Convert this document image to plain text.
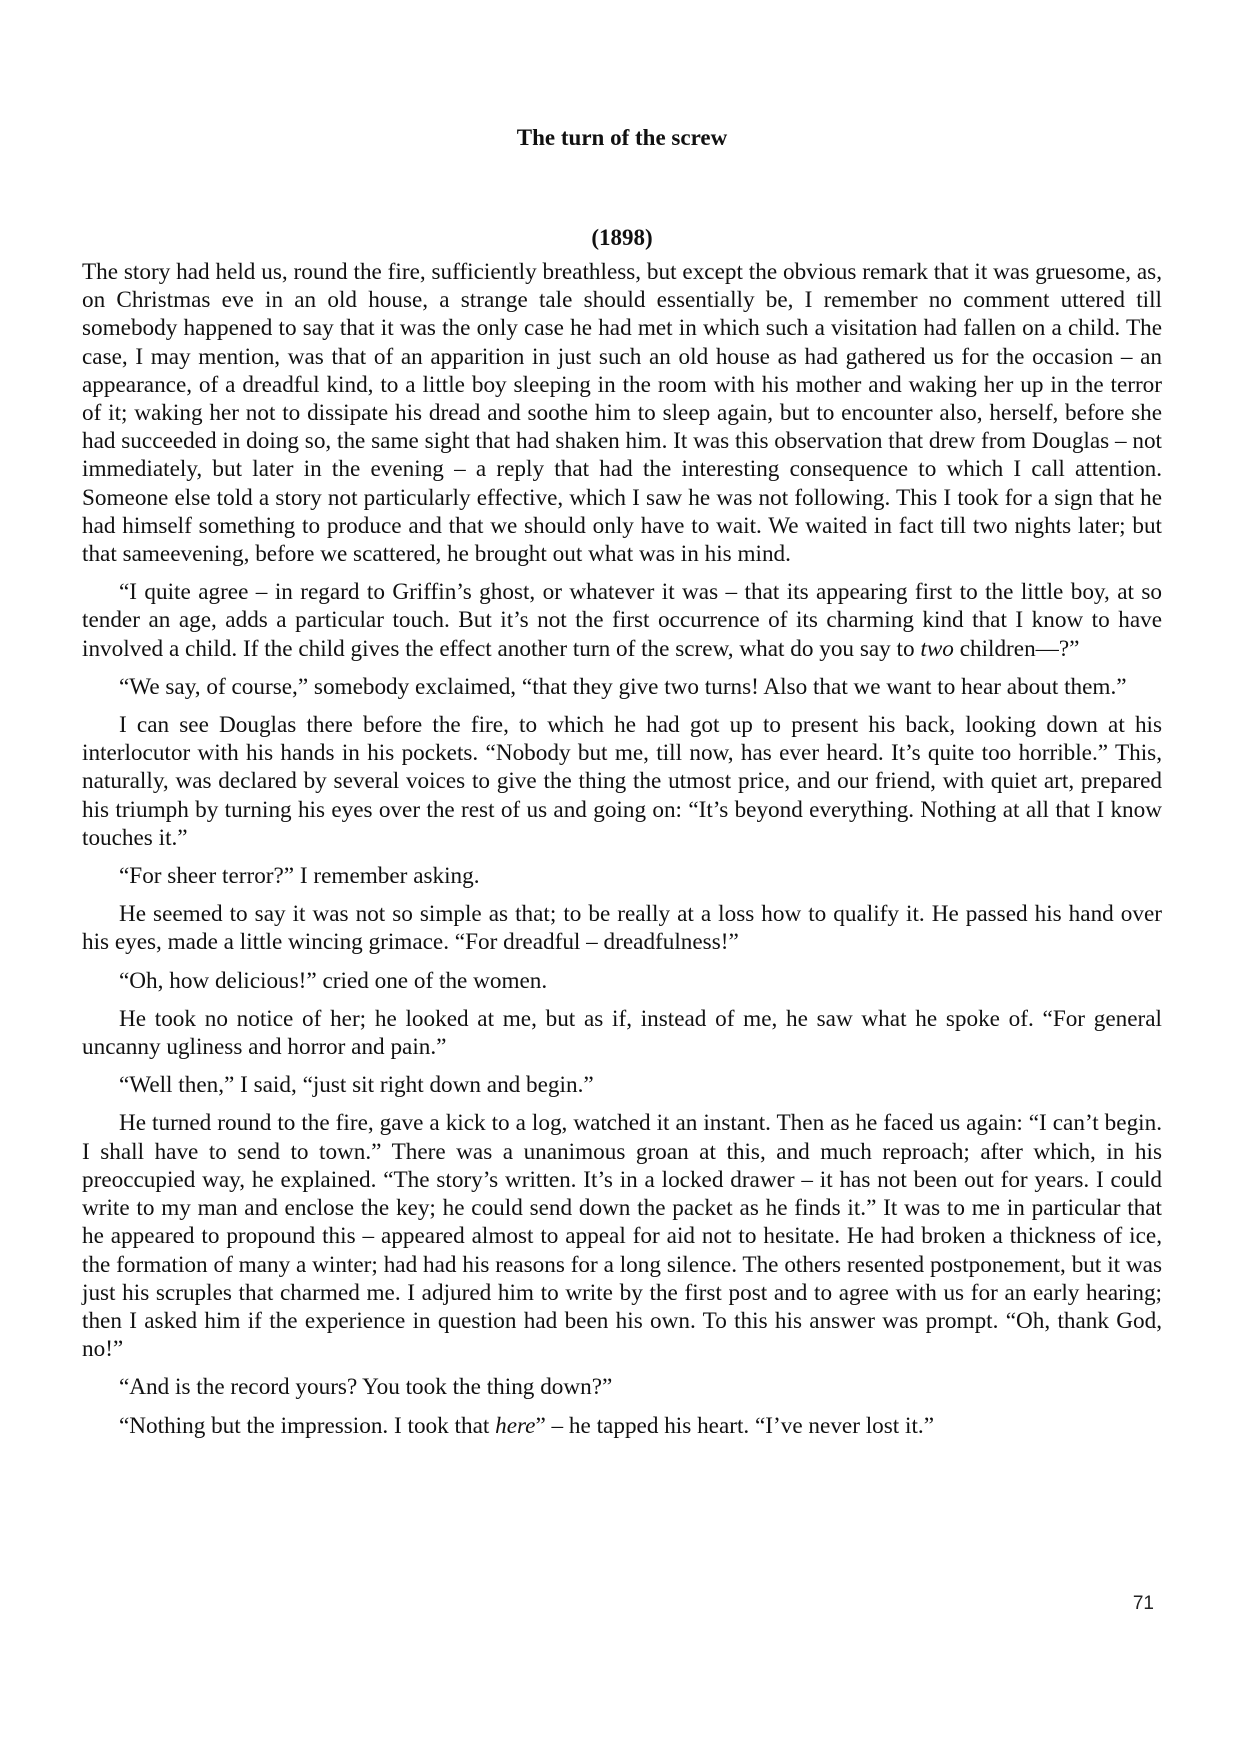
The turn of the screw
(1898)

The story had held us, round the fire, sufficiently breathless, but except the obvious remark that it was gruesome, as, on Christmas eve in an old house, a strange tale should essentially be, I remember no comment uttered till somebody happened to say that it was the only case he had met in which such a visitation had fallen on a child. The case, I may mention, was that of an apparition in just such an old house as had gathered us for the occasion – an appearance, of a dreadful kind, to a little boy sleeping in the room with his mother and waking her up in the terror of it; waking her not to dissipate his dread and soothe him to sleep again, but to encounter also, herself, before she had succeeded in doing so, the same sight that had shaken him. It was this observation that drew from Douglas – not immediately, but later in the evening – a reply that had the interesting consequence to which I call attention. Someone else told a story not particularly effective, which I saw he was not following. This I took for a sign that he had himself something to produce and that we should only have to wait. We waited in fact till two nights later; but that sameevening, before we scattered, he brought out what was in his mind.

“I quite agree – in regard to Griffin’s ghost, or whatever it was – that its appearing first to the little boy, at so tender an age, adds a particular touch. But it’s not the first occurrence of its charming kind that I know to have involved a child. If the child gives the effect another turn of the screw, what do you say to two children—?”

“We say, of course,” somebody exclaimed, “that they give two turns! Also that we want to hear about them.”

I can see Douglas there before the fire, to which he had got up to present his back, looking down at his interlocutor with his hands in his pockets. “Nobody but me, till now, has ever heard. It’s quite too horrible.” This, naturally, was declared by several voices to give the thing the utmost price, and our friend, with quiet art, prepared his triumph by turning his eyes over the rest of us and going on: “It’s beyond everything. Nothing at all that I know touches it.”

“For sheer terror?” I remember asking.

He seemed to say it was not so simple as that; to be really at a loss how to qualify it. He passed his hand over his eyes, made a little wincing grimace. “For dreadful – dreadfulness!”

“Oh, how delicious!” cried one of the women.

He took no notice of her; he looked at me, but as if, instead of me, he saw what he spoke of. “For general uncanny ugliness and horror and pain.”

“Well then,” I said, “just sit right down and begin.”

He turned round to the fire, gave a kick to a log, watched it an instant. Then as he faced us again: “I can’t begin. I shall have to send to town.” There was a unanimous groan at this, and much reproach; after which, in his preoccupied way, he explained. “The story’s written. It’s in a locked drawer – it has not been out for years. I could write to my man and enclose the key; he could send down the packet as he finds it.” It was to me in particular that he appeared to propound this – appeared almost to appeal for aid not to hesitate. He had broken a thickness of ice, the formation of many a winter; had had his reasons for a long silence. The others resented postponement, but it was just his scruples that charmed me. I adjured him to write by the first post and to agree with us for an early hearing; then I asked him if the experience in question had been his own. To this his answer was prompt. “Oh, thank God, no!”

“And is the record yours? You took the thing down?”

“Nothing but the impression. I took that here” – he tapped his heart. “I’ve never lost it.”

71
